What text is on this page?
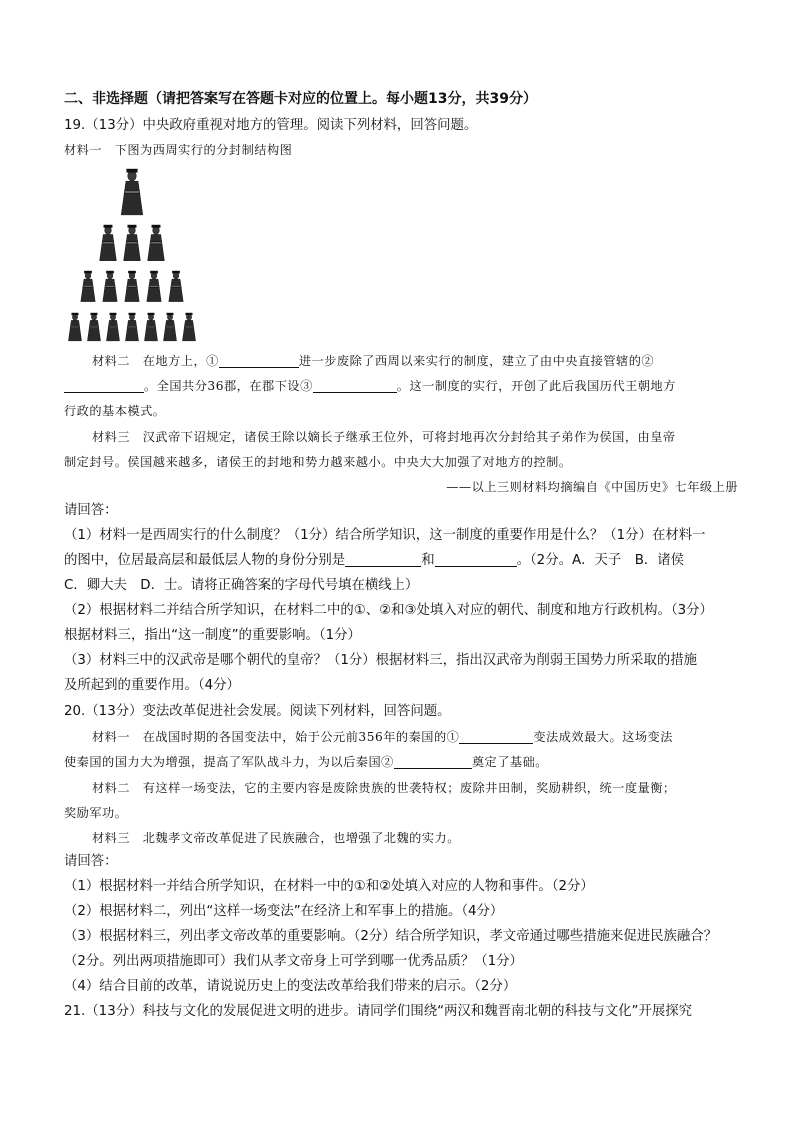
二、非选择题（请把答案写在答题卡对应的位置上。每小题13分，共39分）
19.（13分）中央政府重视对地方的管理。阅读下列材料，回答问题。
材料一　下图为西周实行的分封制结构图
材料二　在地方上，①	进一步废除了西周以来实行的制度，建立了由中央直接管辖的②
。全国共分36郡，在郡下设③	。这一制度的实行，开创了此后我国历代王朝地方
行政的基本模式。
材料三　汉武帝下诏规定，诸侯王除以嫡长子继承王位外，可将封地再次分封给其子弟作为侯国，由皇帝
制定封号。侯国越来越多，诸侯王的封地和势力越来越小。中央大大加强了对地方的控制。
——以上三则材料均摘编自《中国历史》七年级上册
请回答：
（1）材料一是西周实行的什么制度？（1分）结合所学知识，这一制度的重要作用是什么？（1分）在材料一
的图中，位居最高层和最低层人物的身份分别是	和	。（2分。A．天子　B．诸侯
C．卿大夫　D．士。请将正确答案的字母代号填在横线上）
（2）根据材料二并结合所学知识，在材料二中的①、②和③处填入对应的朝代、制度和地方行政机构。（3分）
根据材料三，指出“这一制度”的重要影响。（1分）
（3）材料三中的汉武帝是哪个朝代的皇帝？（1分）根据材料三，指出汉武帝为削弱王国势力所采取的措施
及所起到的重要作用。（4分）
20.（13分）变法改革促进社会发展。阅读下列材料，回答问题。
材料一　在战国时期的各国变法中，始于公元前356年的秦国的①	变法成效最大。这场变法
使秦国的国力大为增强，提高了军队战斗力，为以后秦国②	奠定了基础。
材料二　有这样一场变法，它的主要内容是废除贵族的世袭特权；废除井田制，奖励耕织，统一度量衡；
奖励军功。
材料三　北魏孝文帝改革促进了民族融合，也增强了北魏的实力。
请回答：
（1）根据材料一并结合所学知识，在材料一中的①和②处填入对应的人物和事件。（2分）
（2）根据材料二，列出“这样一场变法”在经济上和军事上的措施。（4分）
（3）根据材料三，列出孝文帝改革的重要影响。（2分）结合所学知识，孝文帝通过哪些措施来促进民族融合？
（2分。列出两项措施即可）我们从孝文帝身上可学到哪一优秀品质？（1分）
（4）结合目前的改革，请说说历史上的变法改革给我们带来的启示。（2分）
21.（13分）科技与文化的发展促进文明的进步。请同学们围绕“两汉和魏晋南北朝的科技与文化”开展探究
